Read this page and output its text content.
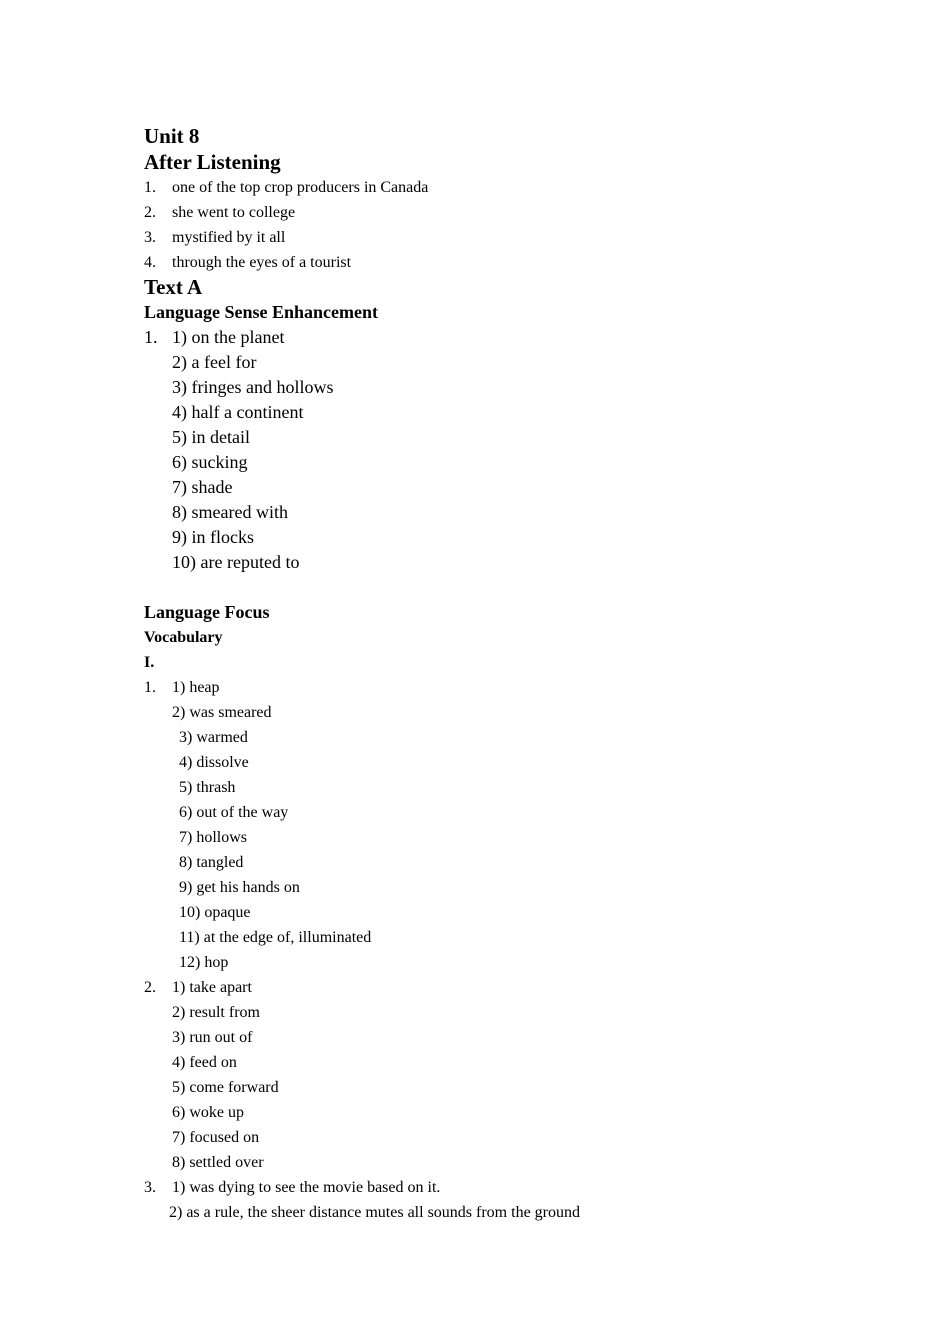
Unit 8
After Listening
1. one of the top crop producers in Canada
2. she went to college
3. mystified by it all
4. through the eyes of a tourist
Text A
Language Sense Enhancement
1. 1) on the planet
2) a feel for
3) fringes and hollows
4) half a continent
5) in detail
6) sucking
7) shade
8) smeared with
9) in flocks
10) are reputed to
Language Focus
Vocabulary
I.
1. 1) heap
2) was smeared
3) warmed
4) dissolve
5) thrash
6) out of the way
7) hollows
8) tangled
9) get his hands on
10) opaque
11) at the edge of, illuminated
12) hop
2. 1) take apart
2) result from
3) run out of
4) feed on
5) come forward
6) woke up
7) focused on
8) settled over
3. 1) was dying to see the movie based on it.
2) as a rule, the sheer distance mutes all sounds from the ground
